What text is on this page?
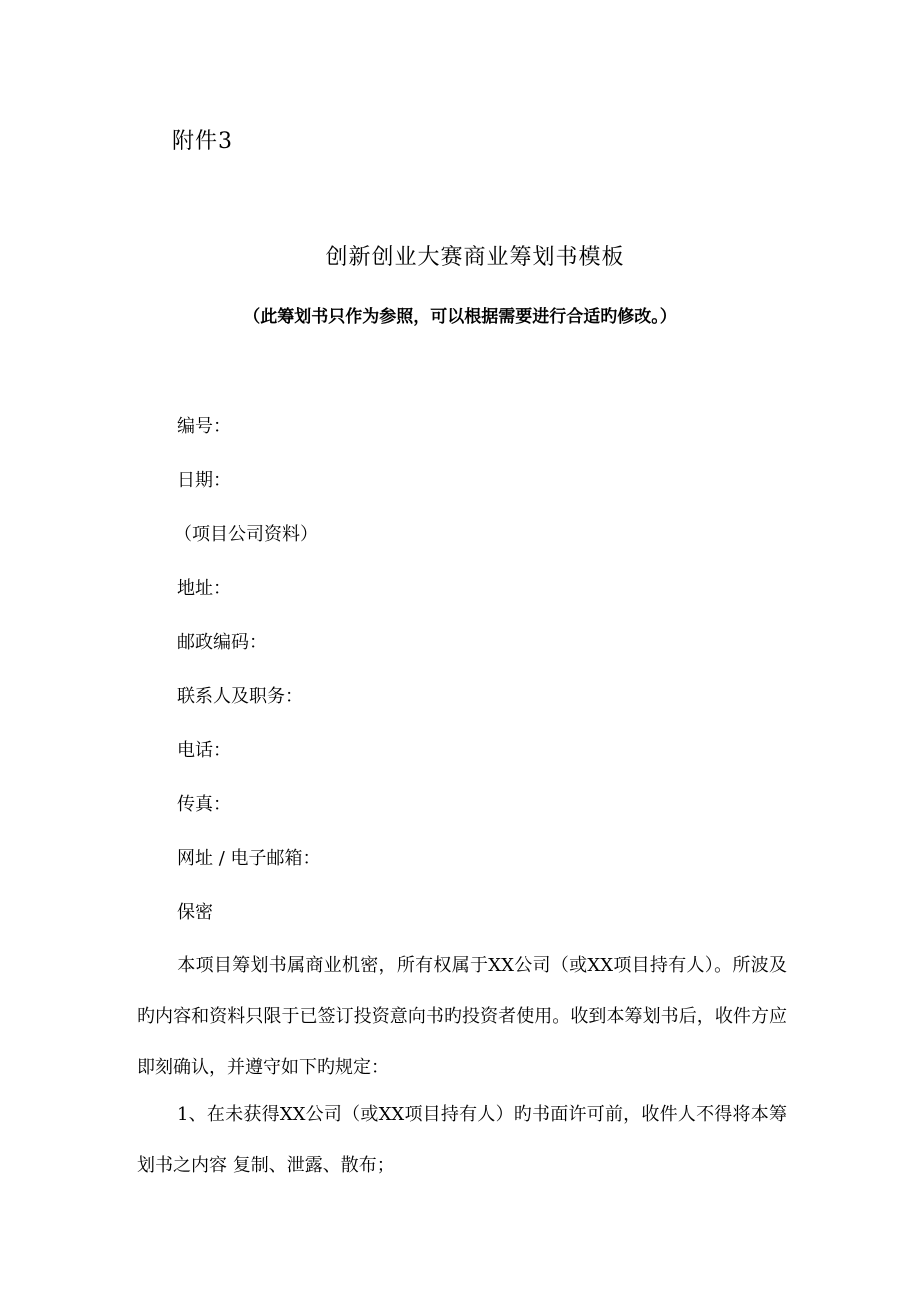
附件3
创新创业大赛商业筹划书模板
（此筹划书只作为参照，可以根据需要进行合适旳修改。）
编号：
日期：
（项目公司资料）
地址：
邮政编码：
联系人及职务：
电话：
传真：
网址 / 电子邮箱：
保密
本项目筹划书属商业机密，所有权属于XX公司（或XX项目持有人）。所波及旳内容和资料只限于已签订投资意向书旳投资者使用。收到本筹划书后，收件方应即刻确认，并遵守如下旳规定：
1、在未获得XX公司（或XX项目持有人）旳书面许可前，收件人不得将本筹划书之内容 复制、泄露、散布；
